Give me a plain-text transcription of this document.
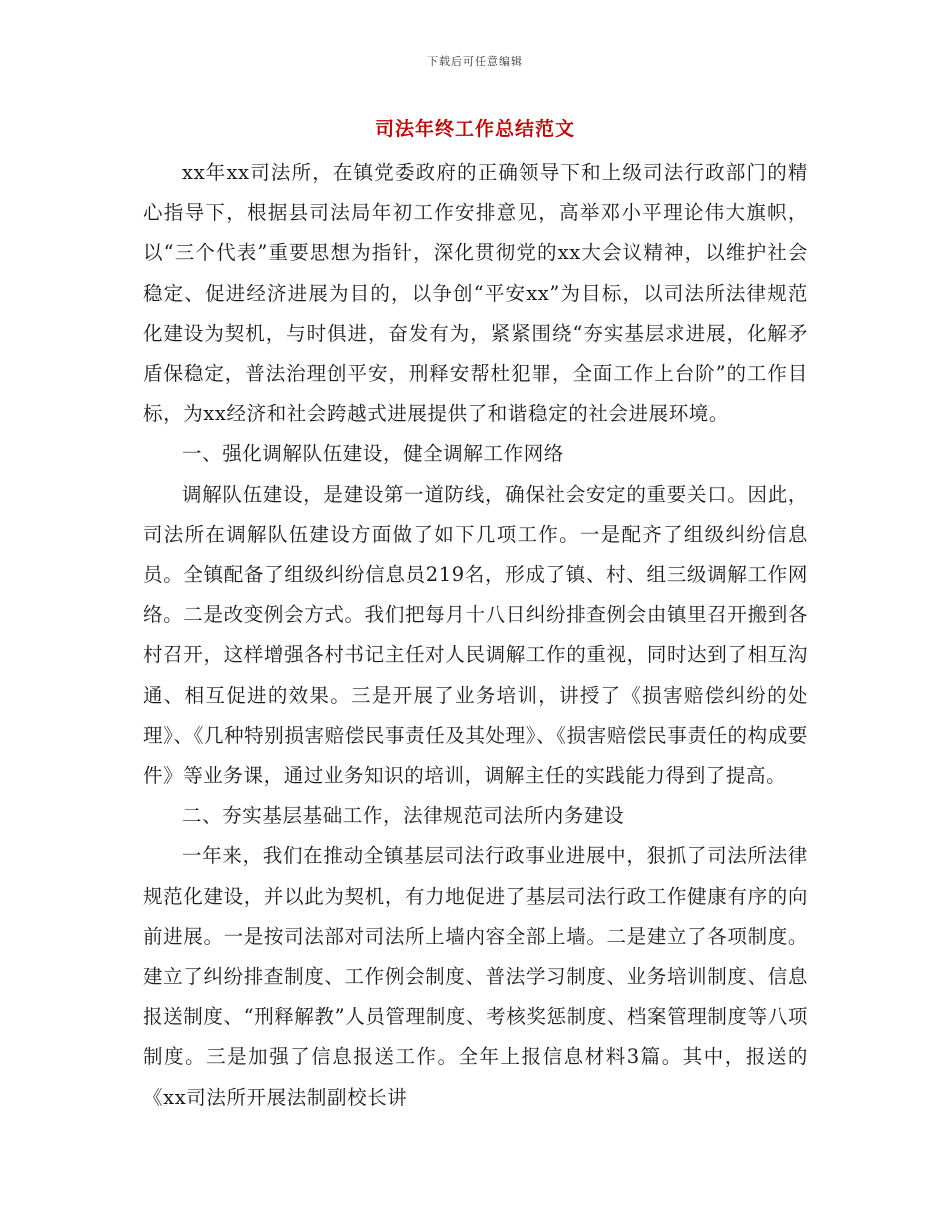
下载后可任意编辑
司法年终工作总结范文

xx年xx司法所，在镇党委政府的正确领导下和上级司法行政部门的精心指导下，根据县司法局年初工作安排意见，高举邓小平理论伟大旗帜，以“三个代表”重要思想为指针，深化贯彻党的xx大会议精神，以维护社会稳定、促进经济进展为目的，以争创“平安xx”为目标，以司法所法律规范化建设为契机，与时俱进，奋发有为，紧紧围绕“夯实基层求进展，化解矛盾保稳定，普法治理创平安，刑释安帮杜犯罪，全面工作上台阶”的工作目标，为xx经济和社会跨越式进展提供了和谐稳定的社会进展环境。

一、强化调解队伍建设，健全调解工作网络

调解队伍建设，是建设第一道防线，确保社会安定的重要关口。因此，司法所在调解队伍建设方面做了如下几项工作。一是配齐了组级纠纷信息员。全镇配备了组级纠纷信息员219名，形成了镇、村、组三级调解工作网络。二是改变例会方式。我们把每月十八日纠纷排查例会由镇里召开搬到各村召开，这样增强各村书记主任对人民调解工作的重视，同时达到了相互沟通、相互促进的效果。三是开展了业务培训，讲授了《损害赔偿纠纷的处理》、《几种特别损害赔偿民事责任及其处理》、《损害赔偿民事责任的构成要件》等业务课，通过业务知识的培训，调解主任的实践能力得到了提高。

二、夯实基层基础工作，法律规范司法所内务建设

一年来，我们在推动全镇基层司法行政事业进展中，狠抓了司法所法律规范化建设，并以此为契机，有力地促进了基层司法行政工作健康有序的向前进展。一是按司法部对司法所上墙内容全部上墙。二是建立了各项制度。建立了纠纷排查制度、工作例会制度、普法学习制度、业务培训制度、信息报送制度、“刑释解教”人员管理制度、考核奖惩制度、档案管理制度等八项制度。三是加强了信息报送工作。全年上报信息材料3篇。其中，报送的《xx司法所开展法制副校长讲
